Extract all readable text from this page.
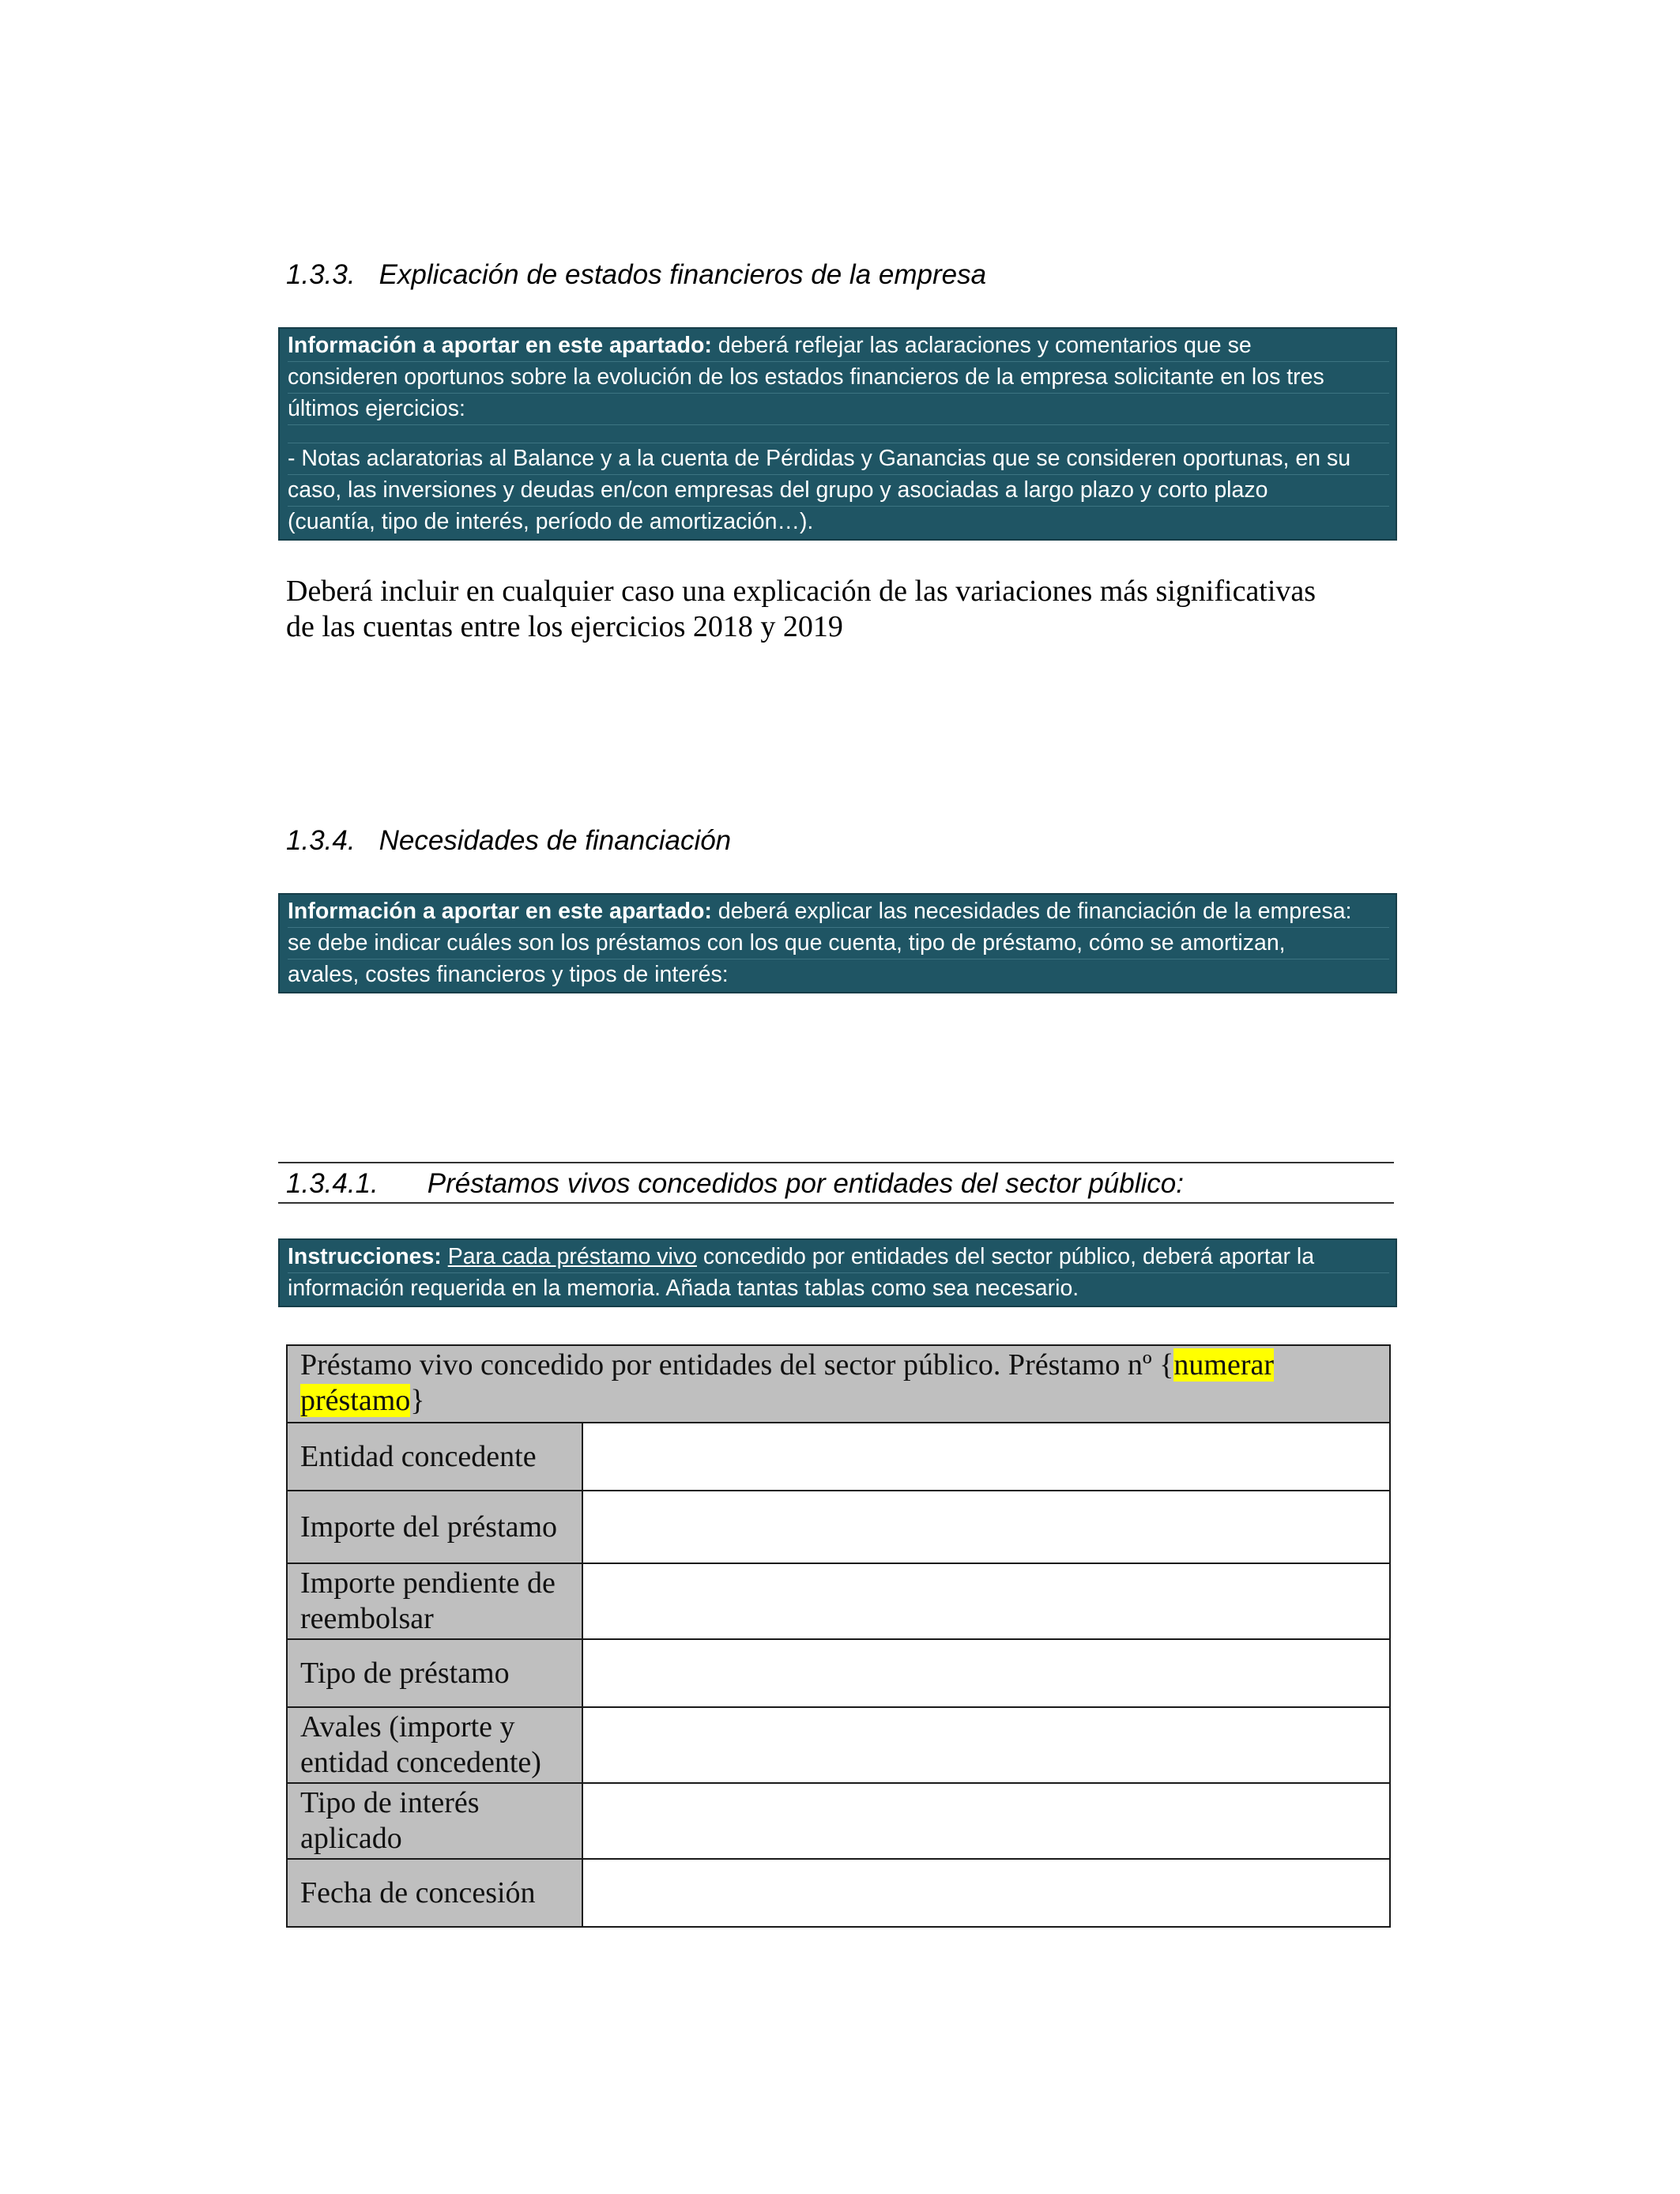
1.3.3. Explicación de estados financieros de la empresa
Información a aportar en este apartado: deberá reflejar las aclaraciones y comentarios que se
consideren oportunos sobre la evolución de los estados financieros de la empresa solicitante en los tres
últimos ejercicios:
- Notas aclaratorias al Balance y a la cuenta de Pérdidas y Ganancias que se consideren oportunas, en su
caso, las inversiones y deudas en/con empresas del grupo y asociadas a largo plazo y corto plazo
(cuantía, tipo de interés, período de amortización…).
Deberá incluir en cualquier caso una explicación de las variaciones más significativas
de las cuentas entre los ejercicios 2018 y 2019
1.3.4. Necesidades de financiación
Información a aportar en este apartado: deberá explicar las necesidades de financiación de la empresa:
se debe indicar cuáles son los préstamos con los que cuenta, tipo de préstamo, cómo se amortizan,
avales, costes financieros y tipos de interés:
1.3.4.1. Préstamos vivos concedidos por entidades del sector público:
Instrucciones: Para cada préstamo vivo concedido por entidades del sector público, deberá aportar la
información requerida en la memoria. Añada tantas tablas como sea necesario.
Préstamo vivo concedido por entidades del sector público. Préstamo nº {numerar préstamo}	
Entidad concedente	
Importe del préstamo	
Importe pendiente de reembolsar	
Tipo de préstamo	
Avales (importe y entidad concedente)	
Tipo de interés aplicado	
Fecha de concesión	
